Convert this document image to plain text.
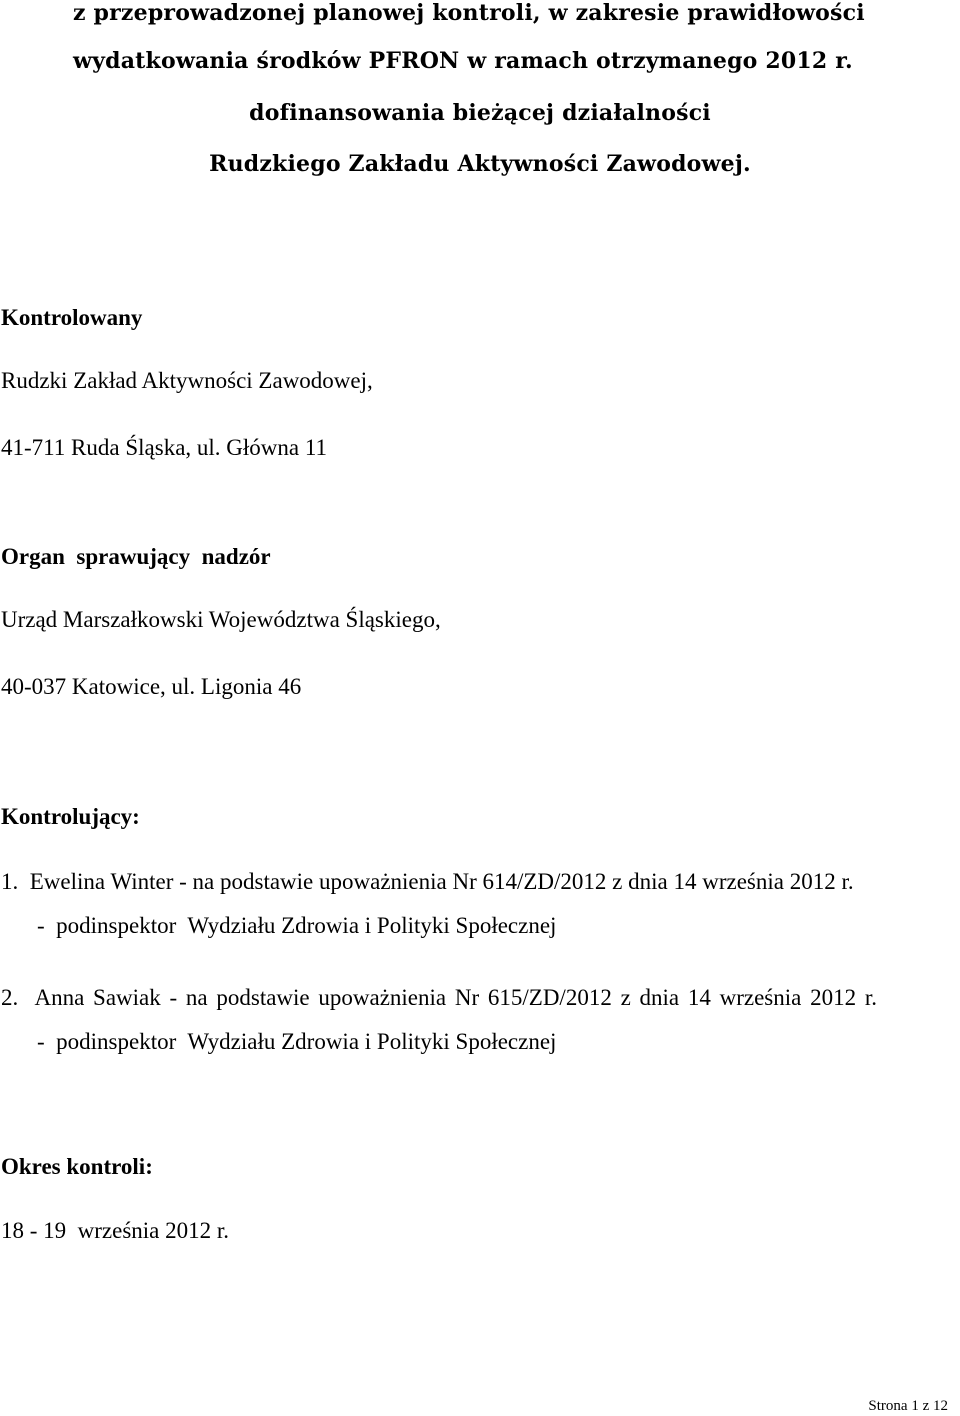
z przeprowadzonej planowej kontroli, w zakresie prawidłowości
wydatkowania środków PFRON w ramach otrzymanego 2012 r.
dofinansowania bieżącej działalności
Rudzkiego Zakładu Aktywności Zawodowej.
Kontrolowany
Rudzki Zakład Aktywności Zawodowej,
41-711 Ruda Śląska, ul. Główna 11
Organ  sprawujący  nadzór
Urząd Marszałkowski Województwa Śląskiego,
40-037 Katowice, ul. Ligonia 46
Kontrolujący:
1.  Ewelina Winter - na podstawie upoważnienia Nr 614/ZD/2012 z dnia 14 września 2012 r.
-  podinspektor  Wydziału Zdrowia i Polityki Społecznej
2.  Anna Sawiak - na podstawie upoważnienia Nr 615/ZD/2012 z dnia 14 września 2012 r.
-  podinspektor  Wydziału Zdrowia i Polityki Społecznej
Okres kontroli:
18 - 19  września 2012 r.
Strona 1 z 12
